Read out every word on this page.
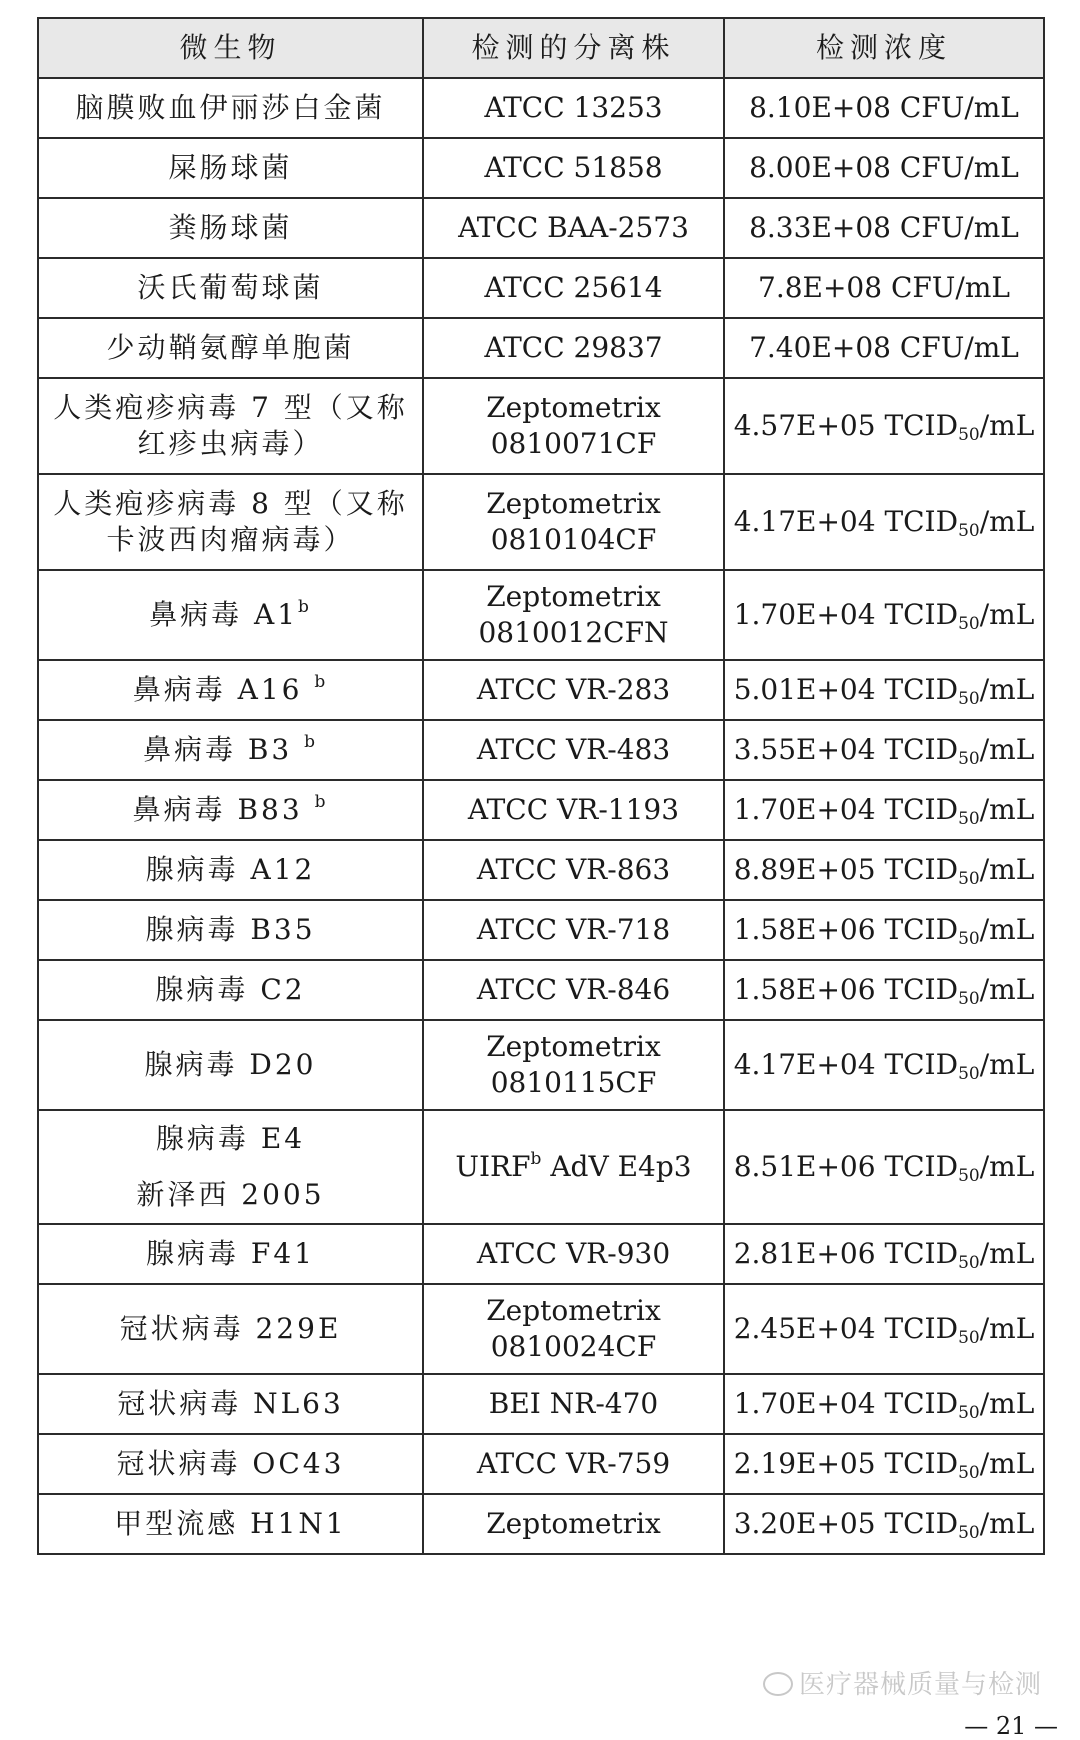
微生物	检测的分离株	检测浓度
脑膜败血伊丽莎白金菌	ATCC 13253	8.10E+08 CFU/mL
屎肠球菌	ATCC 51858	8.00E+08 CFU/mL
粪肠球菌	ATCC BAA-2573	8.33E+08 CFU/mL
沃氏葡萄球菌	ATCC 25614	7.8E+08 CFU/mL
少动鞘氨醇单胞菌	ATCC 29837	7.40E+08 CFU/mL

人类疱疹病毒 7 型（又称
红疹虫病毒）	Zeptometrix
0810071CF	4.57E+05 $TCID_{50}/mL$

人类疱疹病毒 8 型（又称
卡波西肉瘤病毒）	Zeptometrix
0810104CF	4.17E+04 $TCID_{50}/mL$
鼻病毒 A1$^b$	Zeptometrix
0810012CFN	1.70E+04 $TCID_{50}/mL$
鼻病毒 A16 $^b$	ATCC VR-283	5.01E+04 $TCID_{50}/mL$
鼻病毒 B3 $^b$	ATCC VR-483	3.55E+04 $TCID_{50}/mL$
鼻病毒 B83 $^b$	ATCC VR-1193	1.70E+04 $TCID_{50}/mL$
腺病毒 A12	ATCC VR-863	8.89E+05 $TCID_{50}/mL$
腺病毒 B35	ATCC VR-718	1.58E+06 $TCID_{50}/mL$
腺病毒 C2	ATCC VR-846	1.58E+06 $TCID_{50}/mL$
腺病毒 D20	Zeptometrix
0810115CF	4.17E+04 $TCID_{50}/mL$

腺病毒 E4
新泽西 2005	UIRF$^b$ AdV E4p3	8.51E+06 $TCID_{50}/mL$
腺病毒 F41	ATCC VR-930	2.81E+06 $TCID_{50}/mL$
冠状病毒 229E	Zeptometrix
0810024CF	2.45E+04 $TCID_{50}/mL$
冠状病毒 NL63	BEI NR-470	1.70E+04 $TCID_{50}/mL$
冠状病毒 OC43	ATCC VR-759	2.19E+05 $TCID_{50}/mL$
甲型流感 H1N1	Zeptometrix	3.20E+05 $TCID_{50}/mL$
医疗器械质量与检测
— 21 —
